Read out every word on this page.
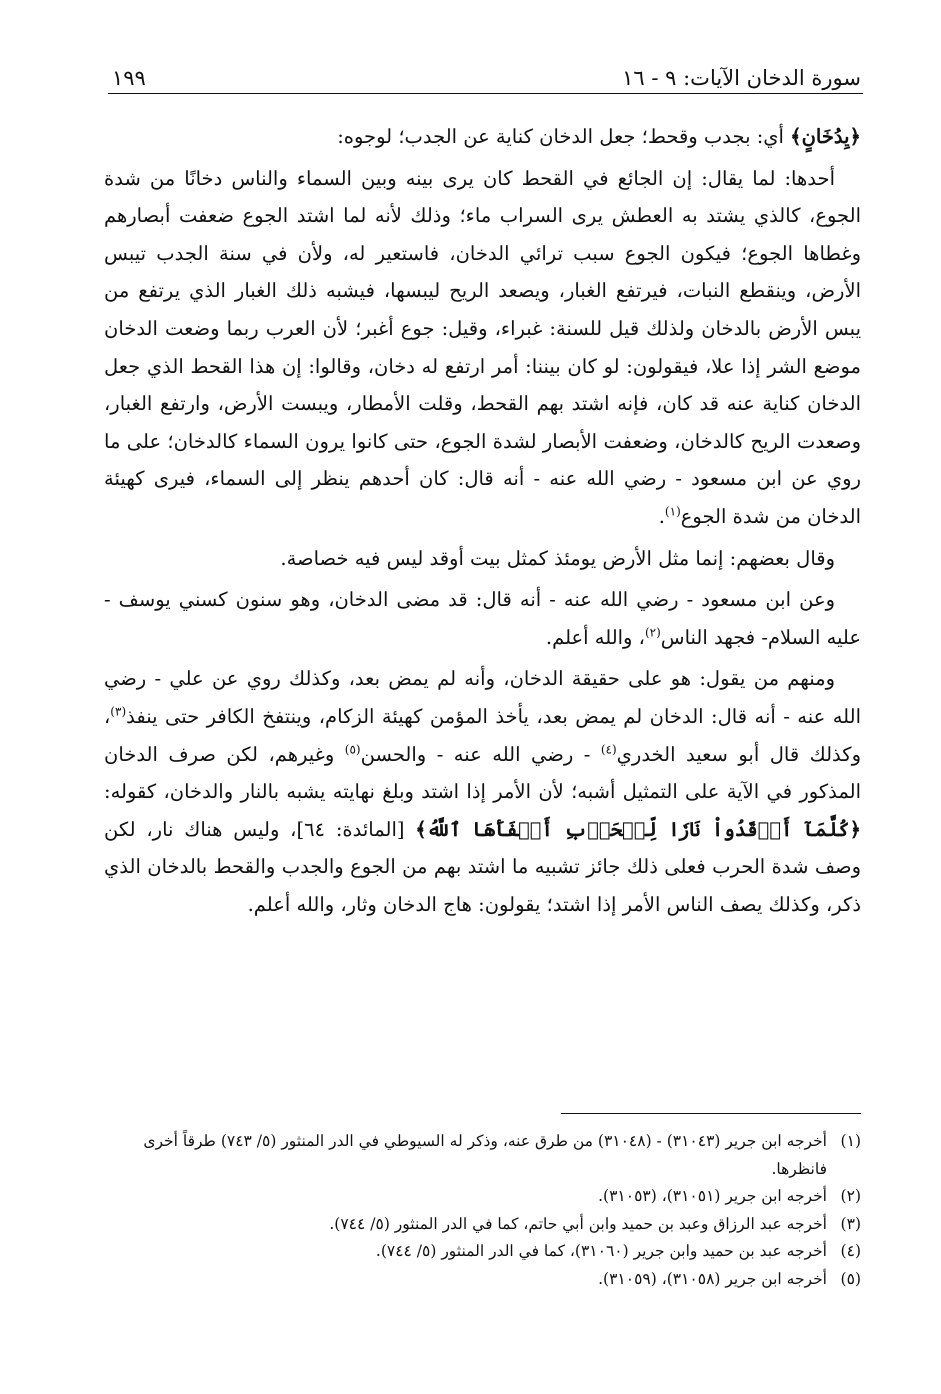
سورة الدخان الآيات: ٩ - ١٦
١٩٩

﴿يِدُخَانٍ﴾ أي: بجدب وقحط؛ جعل الدخان كناية عن الجدب؛ لوجوه:

أحدها: لما يقال: إن الجائع في القحط كان يرى بينه وبين السماء والناس دخانًا من شدة الجوع، كالذي يشتد به العطش يرى السراب ماء؛ وذلك لأنه لما اشتد الجوع ضعفت أبصارهم وغطاها الجوع؛ فيكون الجوع سبب ترائي الدخان، فاستعير له، ولأن في سنة الجدب تيبس الأرض، وينقطع النبات، فيرتفع الغبار، ويصعد الريح ليبسها، فيشبه ذلك الغبار الذي يرتفع من يبس الأرض بالدخان ولذلك قيل للسنة: غبراء، وقيل: جوع أغبر؛ لأن العرب ربما وضعت الدخان موضع الشر إذا علا، فيقولون: لو كان بيننا: أمر ارتفع له دخان، وقالوا: إن هذا القحط الذي جعل الدخان كناية عنه قد كان، فإنه اشتد بهم القحط، وقلت الأمطار، ويبست الأرض، وارتفع الغبار، وصعدت الريح كالدخان، وضعفت الأبصار لشدة الجوع، حتى كانوا يرون السماء كالدخان؛ على ما روي عن ابن مسعود - رضي الله عنه - أنه قال: كان أحدهم ينظر إلى السماء، فيرى كهيئة الدخان من شدة الجوع$^{(١)}$.

وقال بعضهم: إنما مثل الأرض يومئذ كمثل بيت أوقد ليس فيه خصاصة.

وعن ابن مسعود - رضي الله عنه - أنه قال: قد مضى الدخان، وهو سنون كسني يوسف - عليه السلام- فجهد الناس$^{(٢)}$، والله أعلم.

ومنهم من يقول: هو على حقيقة الدخان، وأنه لم يمض بعد، وكذلك روي عن علي - رضي الله عنه - أنه قال: الدخان لم يمض بعد، يأخذ المؤمن كهيئة الزكام، وينتفخ الكافر حتى ينفذ$^{(٣)}$، وكذلك قال أبو سعيد الخدري$^{(٤)}$ - رضي الله عنه - والحسن$^{(٥)}$ وغيرهم، لكن صرف الدخان المذكور في الآية على التمثيل أشبه؛ لأن الأمر إذا اشتد وبلغ نهايته يشبه بالنار والدخان، كقوله: ﴿كُلَّمَآ أَوۡقَدُواْ نَارٗا لِّلۡحَرۡبِ أَطۡفَأَهَا ٱللَّهُ﴾ [المائدة: ٦٤]، وليس هناك نار، لكن وصف شدة الحرب فعلى ذلك جائز تشبيه ما اشتد بهم من الجوع والجدب والقحط بالدخان الذي ذكر، وكذلك يصف الناس الأمر إذا اشتد؛ يقولون: هاج الدخان وثار، والله أعلم.

(١)
أخرجه ابن جرير (٣١٠٤٣) - (٣١٠٤٨) من طرق عنه، وذكر له السيوطي في الدر المنثور (٥/ ٧٤٣) طرقاً أخرى فانظرها.
(٢)
أخرجه ابن جرير (٣١٠٥١)، (٣١٠٥٣).
(٣)
أخرجه عبد الرزاق وعبد بن حميد وابن أبي حاتم، كما في الدر المنثور (٥/ ٧٤٤).
(٤)
أخرجه عبد بن حميد وابن جرير (٣١٠٦٠)، كما في الدر المنثور (٥/ ٧٤٤).
(٥)
أخرجه ابن جرير (٣١٠٥٨)، (٣١٠٥٩).
